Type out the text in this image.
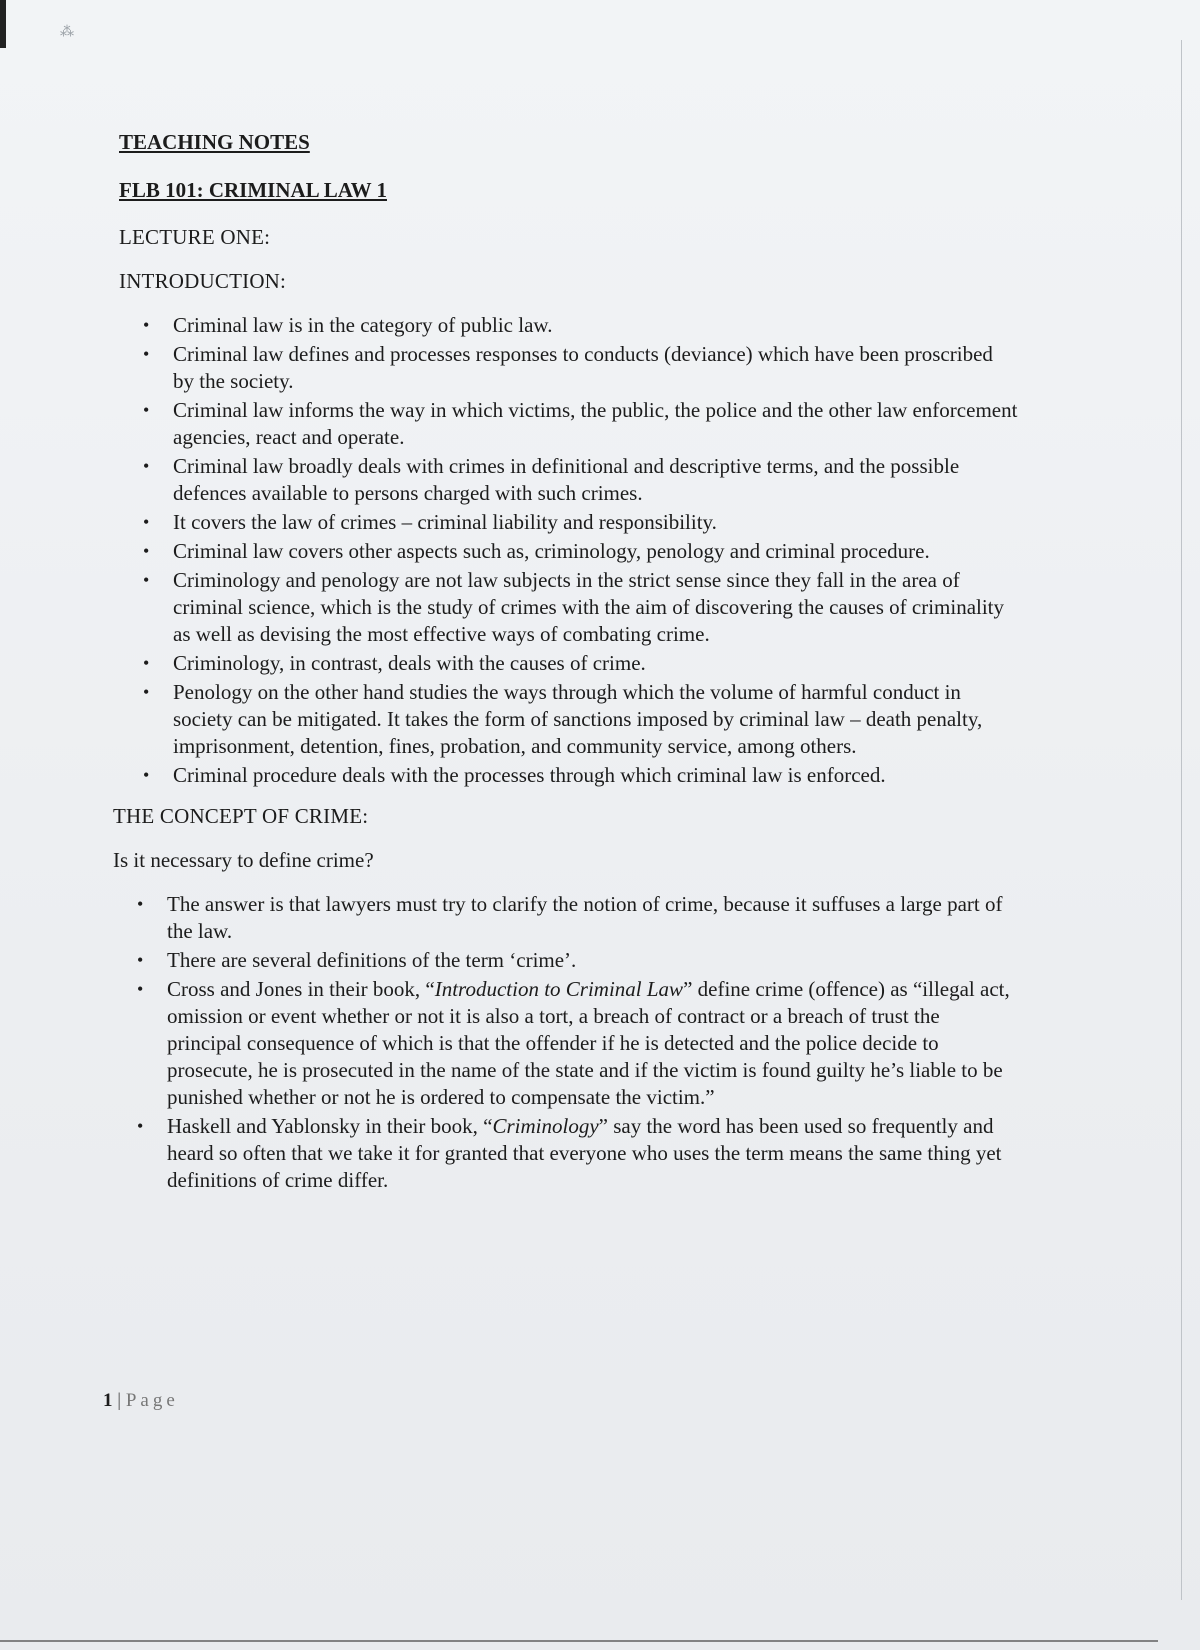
⁂
TEACHING NOTES
FLB 101: CRIMINAL LAW 1
LECTURE ONE:
INTRODUCTION:
• Criminal law is in the category of public law.
• Criminal law defines and processes responses to conducts (deviance) which have been proscribed by the society.
• Criminal law informs the way in which victims, the public, the police and the other law enforcement agencies, react and operate.
• Criminal law broadly deals with crimes in definitional and descriptive terms, and the possible defences available to persons charged with such crimes.
• It covers the law of crimes – criminal liability and responsibility.
• Criminal law covers other aspects such as, criminology, penology and criminal procedure.
• Criminology and penology are not law subjects in the strict sense since they fall in the area of criminal science, which is the study of crimes with the aim of discovering the causes of criminality as well as devising the most effective ways of combating crime.
• Criminology, in contrast, deals with the causes of crime.
• Penology on the other hand studies the ways through which the volume of harmful conduct in society can be mitigated. It takes the form of sanctions imposed by criminal law – death penalty, imprisonment, detention, fines, probation, and community service, among others.
• Criminal procedure deals with the processes through which criminal law is enforced.
THE CONCEPT OF CRIME:
Is it necessary to define crime?
• The answer is that lawyers must try to clarify the notion of crime, because it suffuses a large part of the law.
• There are several definitions of the term ‘crime’.
• Cross and Jones in their book, “Introduction to Criminal Law” define crime (offence) as “illegal act, omission or event whether or not it is also a tort, a breach of contract or a breach of trust the principal consequence of which is that the offender if he is detected and the police decide to prosecute, he is prosecuted in the name of the state and if the victim is found guilty he’s liable to be punished whether or not he is ordered to compensate the victim.”
• Haskell and Yablonsky in their book, “Criminology” say the word has been used so frequently and heard so often that we take it for granted that everyone who uses the term means the same thing yet definitions of crime differ.
1 | Page
